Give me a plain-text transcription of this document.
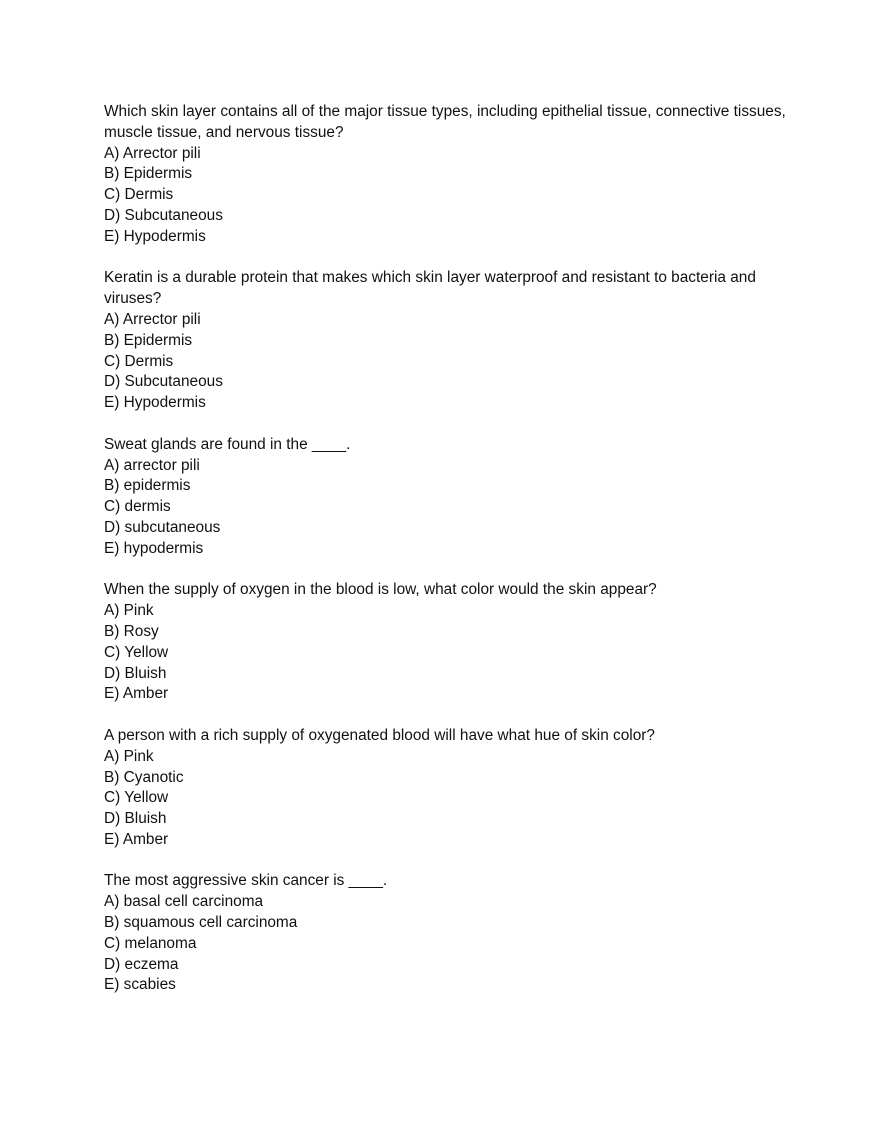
Which skin layer contains all of the major tissue types, including epithelial tissue, connective tissues, muscle tissue, and nervous tissue?
A) Arrector pili
B) Epidermis
C) Dermis
D) Subcutaneous
E) Hypodermis
Keratin is a durable protein that makes which skin layer waterproof and resistant to bacteria and viruses?
A) Arrector pili
B) Epidermis
C) Dermis
D) Subcutaneous
E) Hypodermis
Sweat glands are found in the ____.
A) arrector pili
B) epidermis
C) dermis
D) subcutaneous
E) hypodermis
When the supply of oxygen in the blood is low, what color would the skin appear?
A) Pink
B) Rosy
C) Yellow
D) Bluish
E) Amber
A person with a rich supply of oxygenated blood will have what hue of skin color?
A) Pink
B) Cyanotic
C) Yellow
D) Bluish
E) Amber
The most aggressive skin cancer is ____.
A) basal cell carcinoma
B) squamous cell carcinoma
C) melanoma
D) eczema
E) scabies
